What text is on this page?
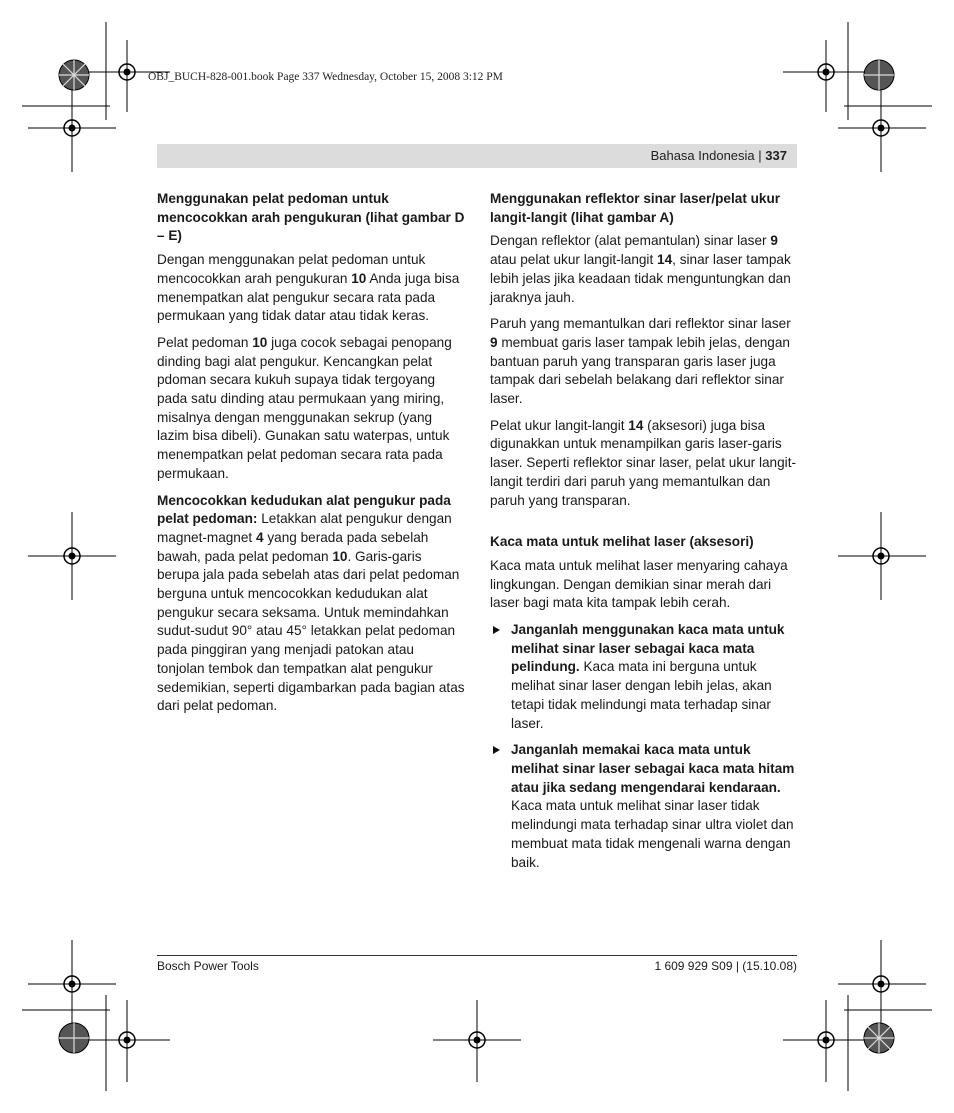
OBJ_BUCH-828-001.book Page 337 Wednesday, October 15, 2008 3:12 PM
Bahasa Indonesia | 337
Menggunakan pelat pedoman untuk mencocokkan arah pengukuran (lihat gambar D – E)

Dengan menggunakan pelat pedoman untuk mencocokkan arah pengukuran 10 Anda juga bisa menempatkan alat pengukur secara rata pada permukaan yang tidak datar atau tidak keras.

Pelat pedoman 10 juga cocok sebagai penopang dinding bagi alat pengukur. Kencangkan pelat pdoman secara kukuh supaya tidak tergoyang pada satu dinding atau permukaan yang miring, misalnya dengan menggunakan sekrup (yang lazim bisa dibeli). Gunakan satu waterpas, untuk menempatkan pelat pedoman secara rata pada permukaan.

Mencocokkan kedudukan alat pengukur pada pelat pedoman: Letakkan alat pengukur dengan magnet-magnet 4 yang berada pada sebelah bawah, pada pelat pedoman 10. Garis-garis berupa jala pada sebelah atas dari pelat pedoman berguna untuk mencocokkan kedudukan alat pengukur secara seksama. Untuk memindahkan sudut-sudut 90° atau 45° letakkan pelat pedoman pada pinggiran yang menjadi patokan atau tonjolan tembok dan tempatkan alat pengukur sedemikian, seperti digambarkan pada bagian atas dari pelat pedoman.

Menggunakan reflektor sinar laser/pelat ukur langit-langit (lihat gambar A)

Dengan reflektor (alat pemantulan) sinar laser 9 atau pelat ukur langit-langit 14, sinar laser tampak lebih jelas jika keadaan tidak menguntungkan dan jaraknya jauh.

Paruh yang memantulkan dari reflektor sinar laser 9 membuat garis laser tampak lebih jelas, dengan bantuan paruh yang transparan garis laser juga tampak dari sebelah belakang dari reflektor sinar laser.

Pelat ukur langit-langit 14 (aksesori) juga bisa digunakkan untuk menampilkan garis laser-garis laser. Seperti reflektor sinar laser, pelat ukur langit-langit terdiri dari paruh yang memantulkan dan paruh yang transparan.

Kaca mata untuk melihat laser (aksesori)

Kaca mata untuk melihat laser menyaring cahaya lingkungan. Dengan demikian sinar merah dari laser bagi mata kita tampak lebih cerah.

Janganlah menggunakan kaca mata untuk melihat sinar laser sebagai kaca mata pelindung. Kaca mata ini berguna untuk melihat sinar laser dengan lebih jelas, akan tetapi tidak melindungi mata terhadap sinar laser.
Janganlah memakai kaca mata untuk melihat sinar laser sebagai kaca mata hitam atau jika sedang mengendarai kendaraan. Kaca mata untuk melihat sinar laser tidak melindungi mata terhadap sinar ultra violet dan membuat mata tidak mengenali warna dengan baik.
Bosch Power Tools	1 609 929 S09 | (15.10.08)
